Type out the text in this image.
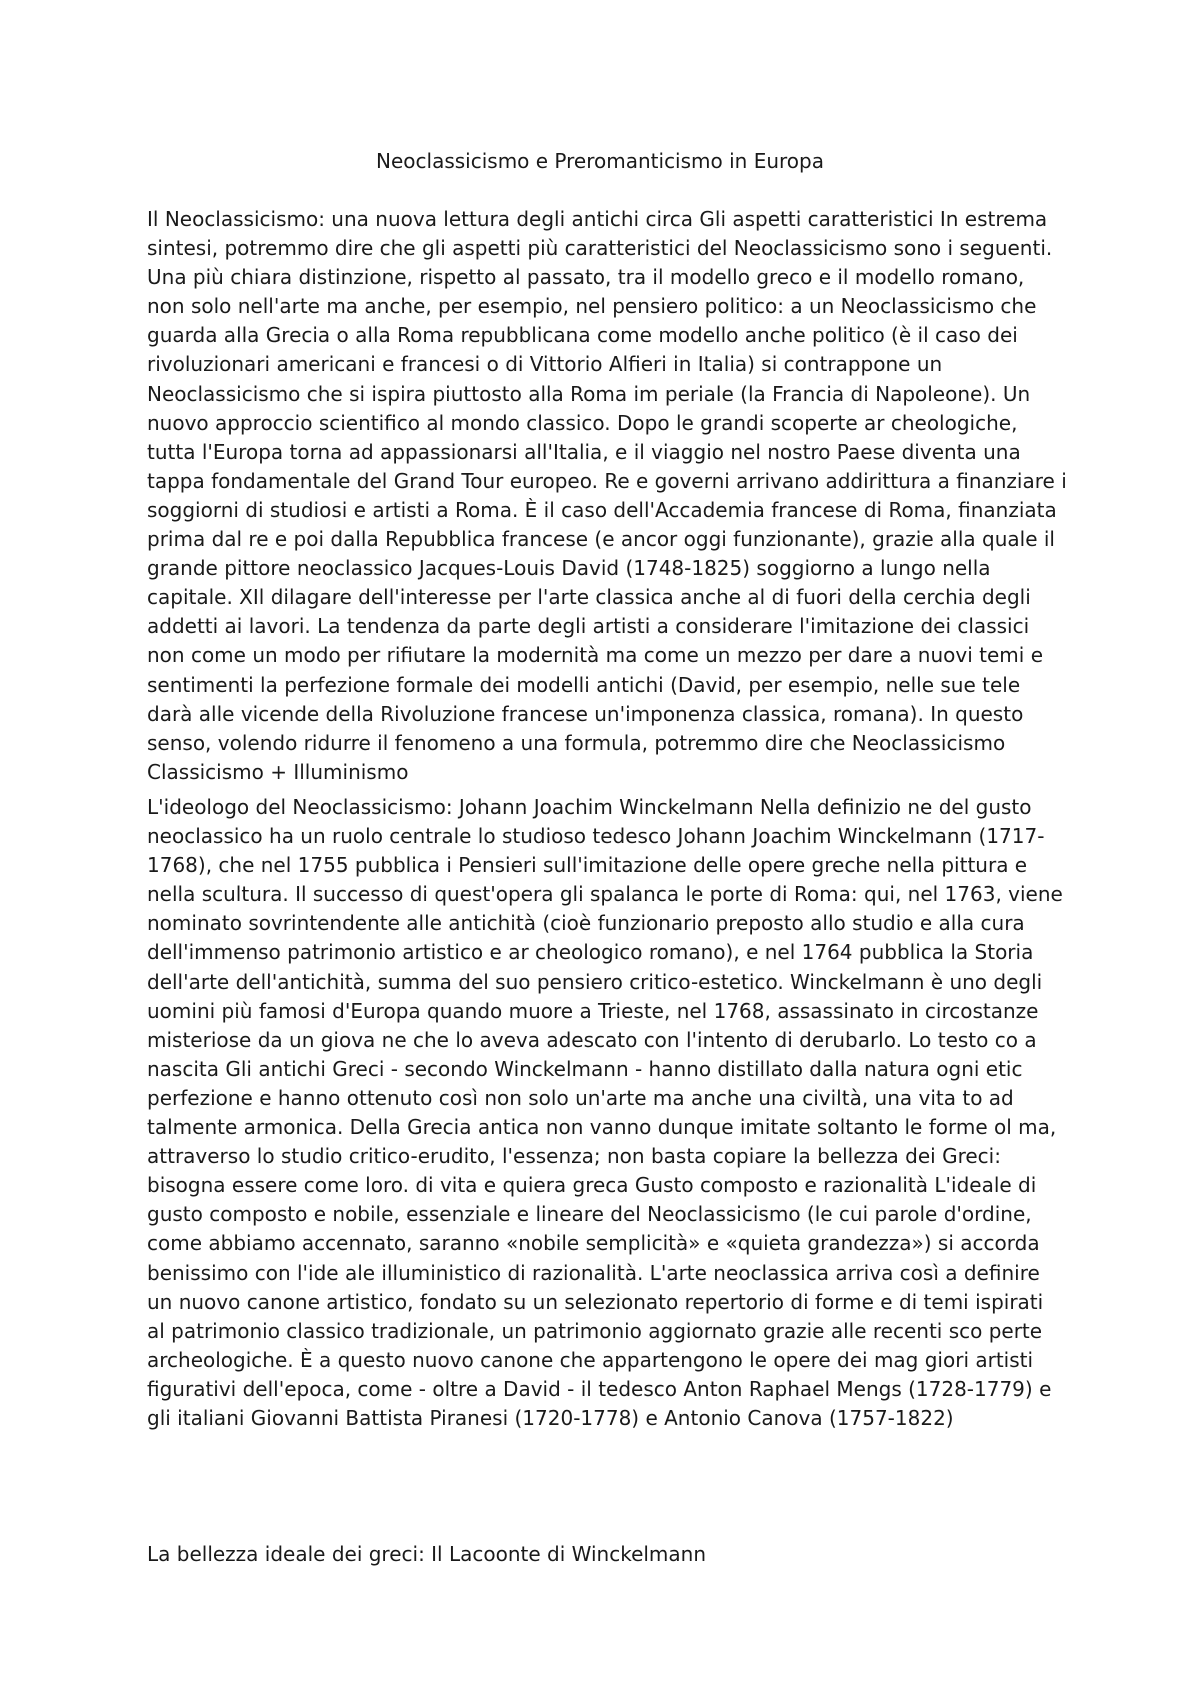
Neoclassicismo e Preromanticismo in Europa

Il Neoclassicismo: una nuova lettura degli antichi circa Gli aspetti caratteristici In estrema sintesi, potremmo dire che gli aspetti più caratteristici del Neoclassicismo sono i seguenti. Una più chiara distinzione, rispetto al passato, tra il modello greco e il modello romano, non solo nell'arte ma anche, per esempio, nel pensiero politico: a un Neoclassicismo che guarda alla Grecia o alla Roma repubblicana come modello anche politico (è il caso dei rivoluzionari americani e francesi o di Vittorio Alfieri in Italia) si contrappone un Neoclassicismo che si ispira piuttosto alla Roma im periale (la Francia di Napoleone). Un nuovo approccio scientifico al mondo classico. Dopo le grandi scoperte ar cheologiche, tutta l'Europa torna ad appassionarsi all'Italia, e il viaggio nel nostro Paese diventa una tappa fondamentale del Grand Tour europeo. Re e governi arrivano addirittura a finanziare i soggiorni di studiosi e artisti a Roma. È il caso dell'Accademia francese di Roma, finanziata prima dal re e poi dalla Repubblica francese (e ancor oggi funzionante), grazie alla quale il grande pittore neoclassico Jacques-Louis David (1748-1825) soggiorno a lungo nella capitale. XIl dilagare dell'interesse per l'arte classica anche al di fuori della cerchia degli addetti ai lavori. La tendenza da parte degli artisti a considerare l'imitazione dei classici non come un modo per rifiutare la modernità ma come un mezzo per dare a nuovi temi e sentimenti la perfezione formale dei modelli antichi (David, per esempio, nelle sue tele darà alle vicende della Rivoluzione francese un'imponenza classica, romana). In questo senso, volendo ridurre il fenomeno a una formula, potremmo dire che Neoclassicismo Classicismo + Illuminismo

L'ideologo del Neoclassicismo: Johann Joachim Winckelmann Nella definizio ne del gusto neoclassico ha un ruolo centrale lo studioso tedesco Johann Joachim Winckelmann (1717-1768), che nel 1755 pubblica i Pensieri sull'imitazione delle opere greche nella pittura e nella scultura. Il successo di quest'opera gli spalanca le porte di Roma: qui, nel 1763, viene nominato sovrintendente alle antichità (cioè funzionario preposto allo studio e alla cura dell'immenso patrimonio artistico e ar cheologico romano), e nel 1764 pubblica la Storia dell'arte dell'antichità, summa del suo pensiero critico-estetico. Winckelmann è uno degli uomini più famosi d'Europa quando muore a Trieste, nel 1768, assassinato in circostanze misteriose da un giova ne che lo aveva adescato con l'intento di derubarlo. Lo testo co a nascita Gli antichi Greci - secondo Winckelmann - hanno distillato dalla natura ogni etic perfezione e hanno ottenuto così non solo un'arte ma anche una civiltà, una vita to ad talmente armonica. Della Grecia antica non vanno dunque imitate soltanto le forme ol ma, attraverso lo studio critico-erudito, l'essenza; non basta copiare la bellezza dei Greci: bisogna essere come loro. di vita e quiera greca Gusto composto e razionalità L'ideale di gusto composto e nobile, essenziale e lineare del Neoclassicismo (le cui parole d'ordine, come abbiamo accennato, saranno «nobile semplicità» e «quieta grandezza») si accorda benissimo con l'ide ale illuministico di razionalità. L'arte neoclassica arriva così a definire un nuovo canone artistico, fondato su un selezionato repertorio di forme e di temi ispirati al patrimonio classico tradizionale, un patrimonio aggiornato grazie alle recenti sco perte archeologiche. È a questo nuovo canone che appartengono le opere dei mag giori artisti figurativi dell'epoca, come - oltre a David - il tedesco Anton Raphael Mengs (1728-1779) e gli italiani Giovanni Battista Piranesi (1720-1778) e Antonio Canova (1757-1822)

La bellezza ideale dei greci: Il Lacoonte di Winckelmann
